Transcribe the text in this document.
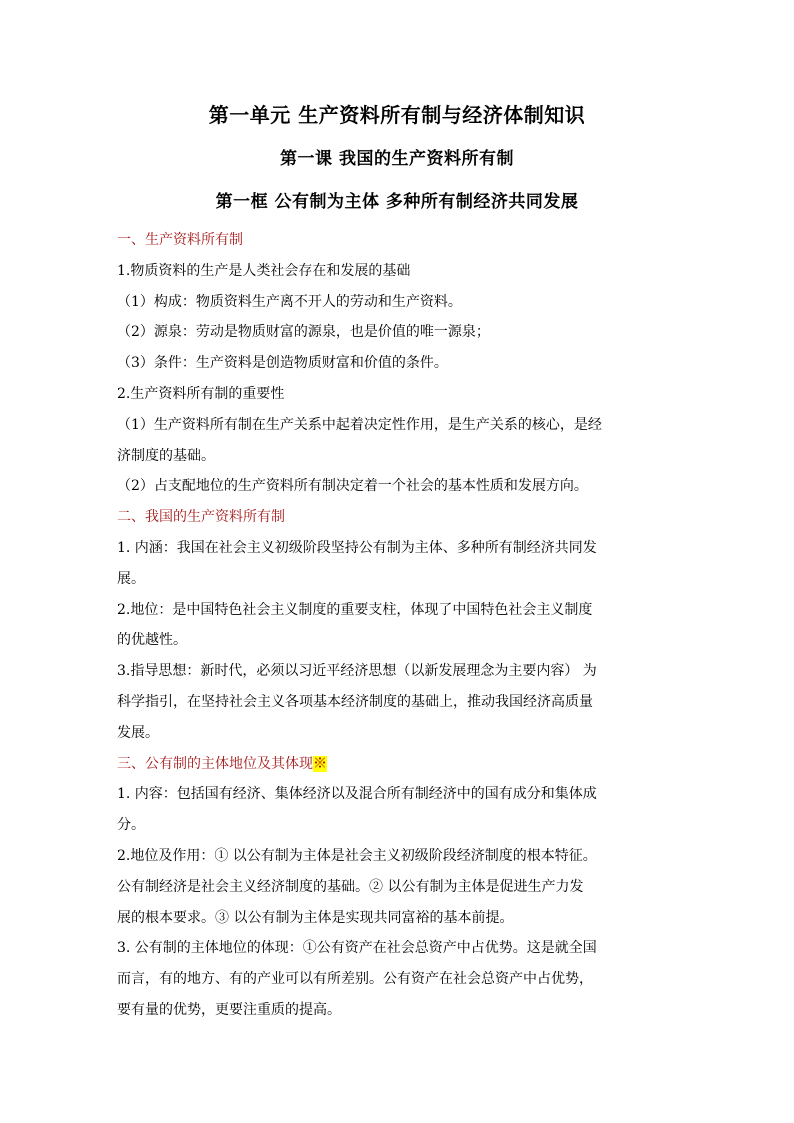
第一单元 生产资料所有制与经济体制知识
第一课 我国的生产资料所有制
第一框 公有制为主体 多种所有制经济共同发展
一、生产资料所有制
1.物质资料的生产是人类社会存在和发展的基础
（1）构成：物质资料生产离不开人的劳动和生产资料。
（2）源泉：劳动是物质财富的源泉，也是价值的唯一源泉；
（3）条件：生产资料是创造物质财富和价值的条件。
2.生产资料所有制的重要性
（1）生产资料所有制在生产关系中起着决定性作用，是生产关系的核心，是经
济制度的基础。
（2）占支配地位的生产资料所有制决定着一个社会的基本性质和发展方向。
二、我国的生产资料所有制
1. 内涵：我国在社会主义初级阶段坚持公有制为主体、多种所有制经济共同发
展。
2.地位：是中国特色社会主义制度的重要支柱，体现了中国特色社会主义制度
的优越性。
3.指导思想：新时代，必须以习近平经济思想（以新发展理念为主要内容） 为
科学指引，在坚持社会主义各项基本经济制度的基础上，推动我国经济高质量
发展。
三、公有制的主体地位及其体现※
1. 内容：包括国有经济、集体经济以及混合所有制经济中的国有成分和集体成
分。
2.地位及作用：① 以公有制为主体是社会主义初级阶段经济制度的根本特征。
公有制经济是社会主义经济制度的基础。② 以公有制为主体是促进生产力发
展的根本要求。③ 以公有制为主体是实现共同富裕的基本前提。
3. 公有制的主体地位的体现：①公有资产在社会总资产中占优势。这是就全国
而言，有的地方、有的产业可以有所差别。公有资产在社会总资产中占优势，
要有量的优势，更要注重质的提高。
